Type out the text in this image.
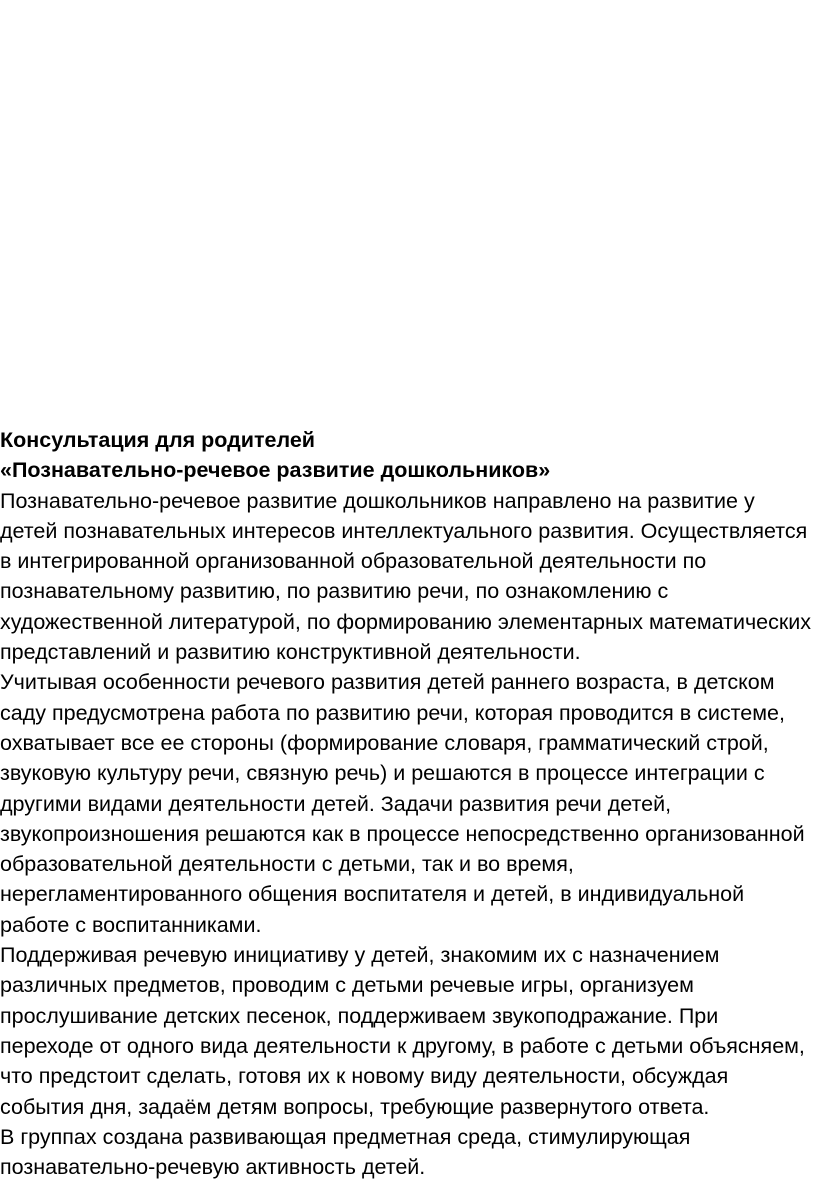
Консультация для родителей

«Познавательно-речевое развитие дошкольников»

Познавательно-речевое развитие дошкольников направлено на развитие у детей познавательных интересов интеллектуального развития. Осуществляется в интегрированной организованной образовательной деятельности по познавательному развитию, по развитию речи, по ознакомлению с художественной литературой, по формированию элементарных математических представлений и развитию конструктивной деятельности.

Учитывая особенности речевого развития детей раннего возраста, в детском саду предусмотрена работа по развитию речи, которая проводится в системе, охватывает все ее стороны (формирование словаря, грамматический строй, звуковую культуру речи, связную речь) и решаются в процессе интеграции с другими видами деятельности детей. Задачи развития речи детей, звукопроизношения решаются как в процессе непосредственно организованной образовательной деятельности с детьми, так и во время, нерегламентированного общения воспитателя и детей, в индивидуальной работе с воспитанниками.

Поддерживая речевую инициативу у детей, знакомим их с назначением различных предметов, проводим с детьми речевые игры, организуем прослушивание детских песенок, поддерживаем звукоподражание. При переходе от одного вида деятельности к другому, в работе с детьми объясняем, что предстоит сделать, готовя их к новому виду деятельности, обсуждая события дня, задаём детям вопросы, требующие развернутого ответа.

В группах создана развивающая предметная среда, стимулирующая познавательно-речевую активность детей.
